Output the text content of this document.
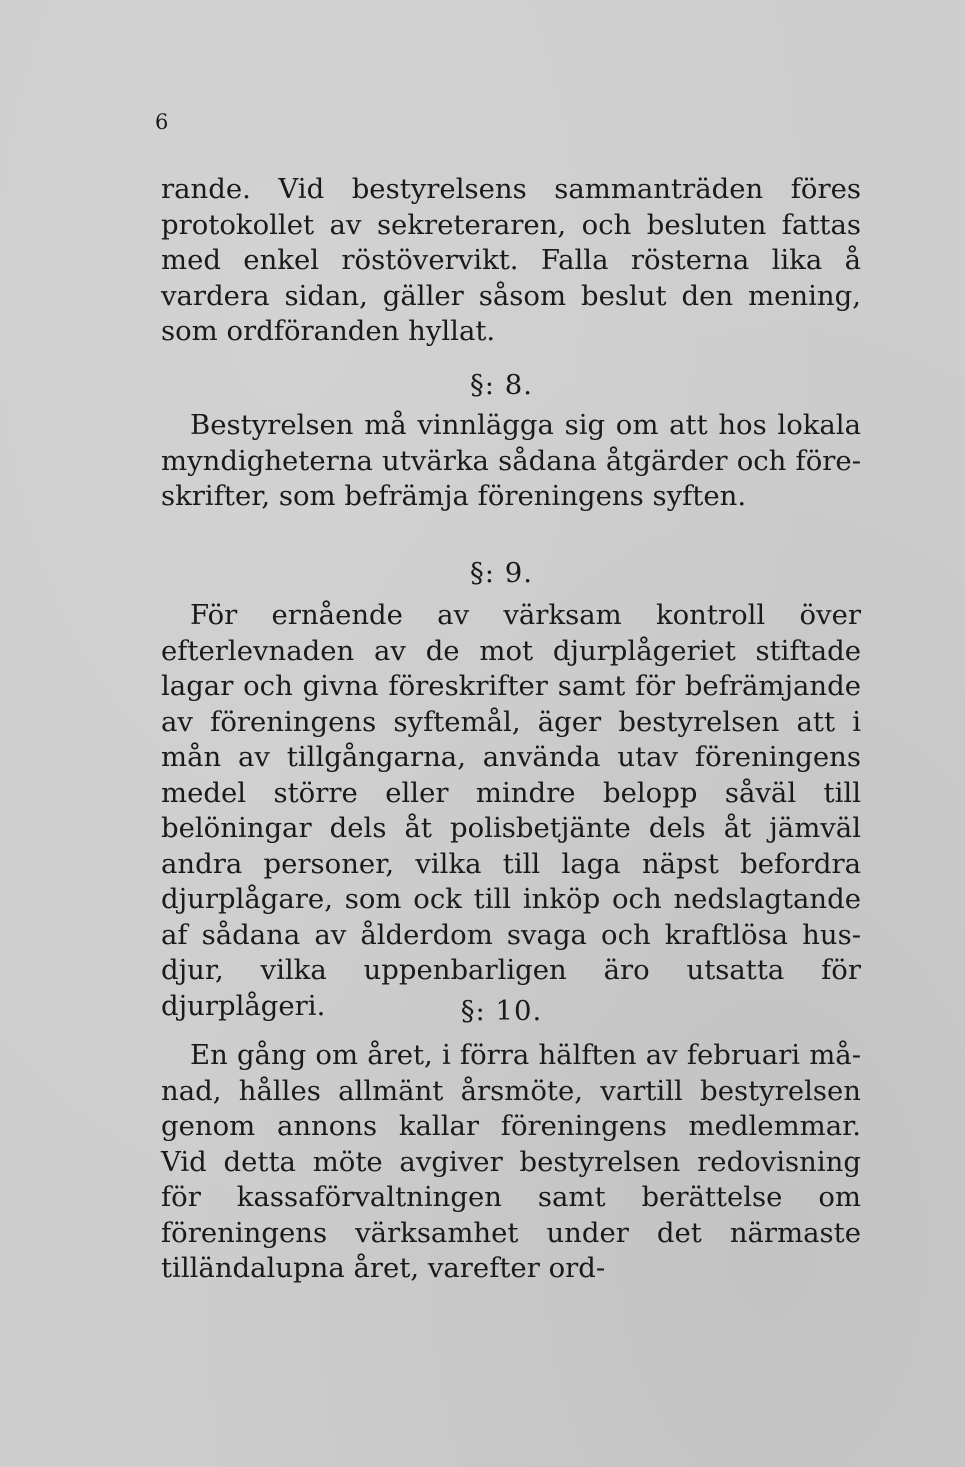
6

rande. Vid bestyrelsens sammanträden föres protokollet av sekreteraren, och besluten fattas med enkel röstövervikt. Falla rösterna lika å vardera sidan, gäller såsom beslut den mening, som ordföranden hyllat.

§: 8.

Bestyrelsen må vinnlägga sig om att hos lokala myndigheterna utvärka sådana åtgärder och föreskrifter, som befrämja föreningens syften.

§: 9.

För ernående av värksam kontroll över efterlevnaden av de mot djurplågeriet stiftade lagar och givna föreskrifter samt för befrämjande av föreningens syftemål, äger bestyrelsen att i mån av tillgångarna, använda utav föreningens medel större eller mindre belopp såväl till belöningar dels åt polisbetjänte dels åt jämväl andra personer, vilka till laga näpst befordra djurplågare, som ock till inköp och nedslagtande af sådana av ålderdom svaga och kraftlösa husdjur, vilka uppenbarligen äro utsatta för djurplågeri.	§: 10.

En gång om året, i förra hälften av februari månad, hålles allmänt årsmöte, vartill bestyrelsen genom annons kallar föreningens medlemmar. Vid detta möte avgiver bestyrelsen redovisning för kassaförvaltningen samt berättelse om föreningens värksamhet under det närmaste tilländalupna året, varefter ord-
